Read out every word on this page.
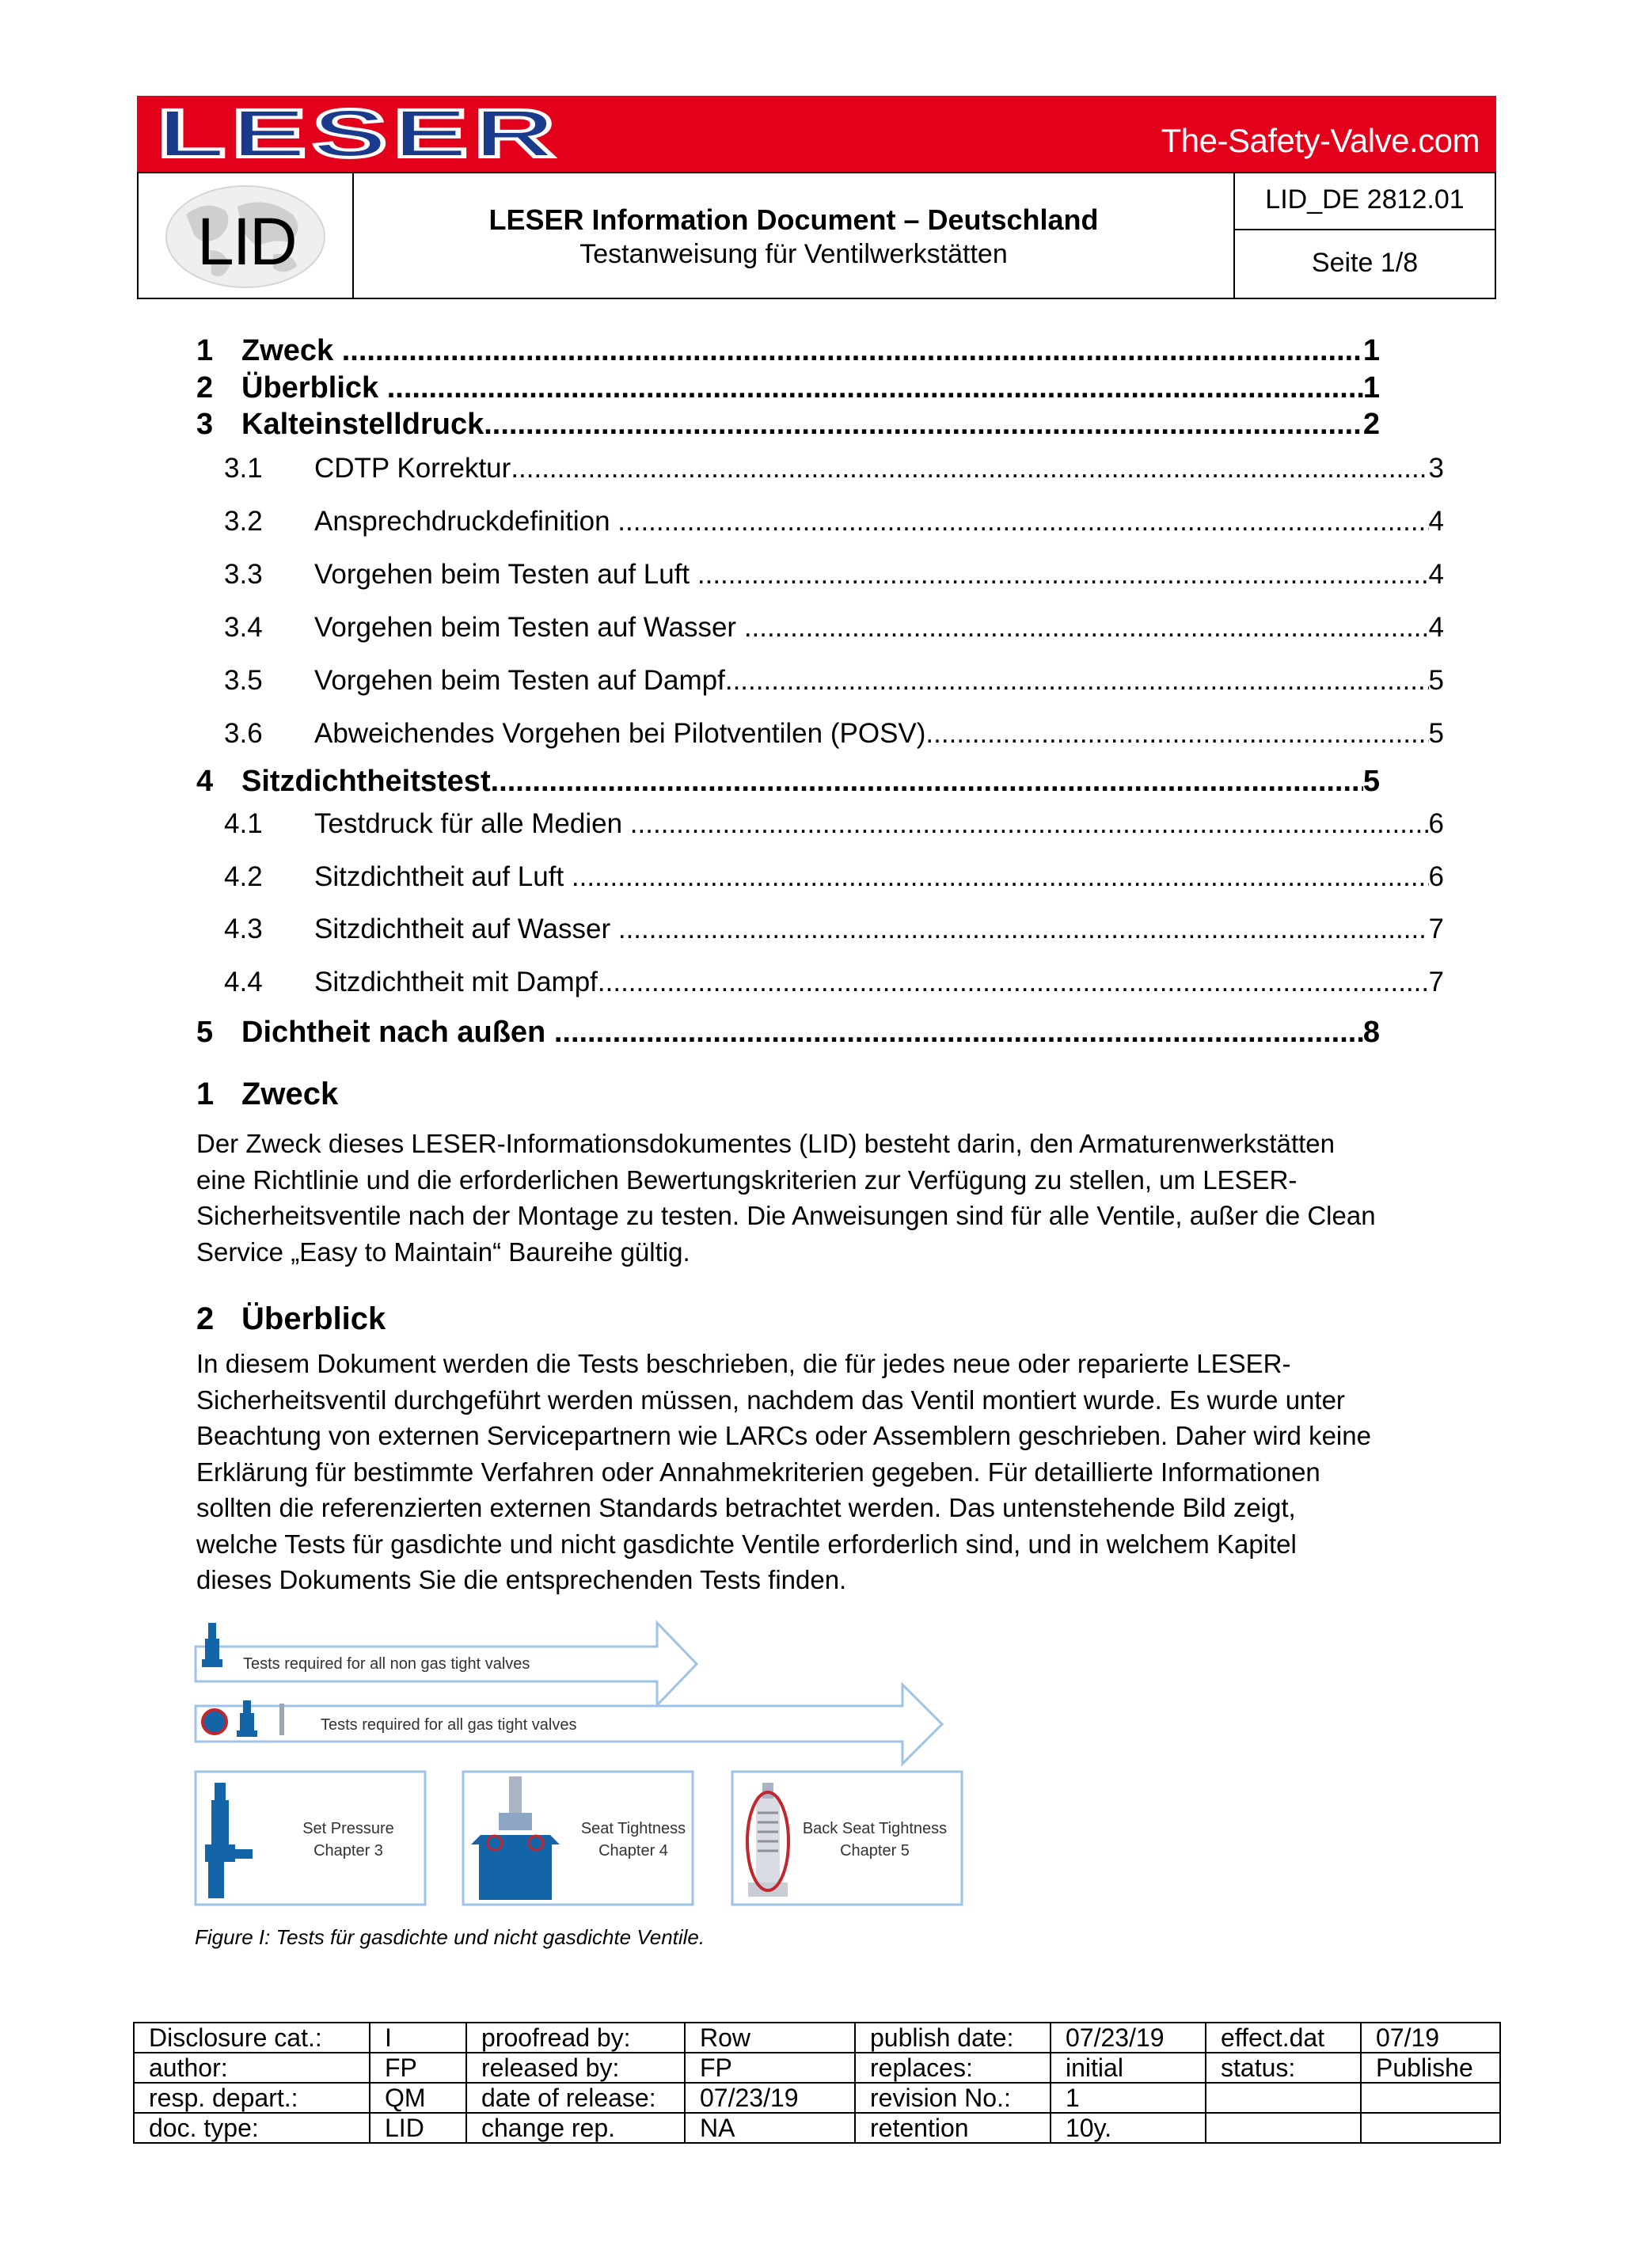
LESER	The-Safety-Valve.com
LID	LESER Information Document – Deutschland
Testanweisung für Ventilwerkstätten
LID_DE 2812.01
Seite 1/8
1 Zweck .....	1
2 Überblick .....	1
3 Kalteinstelldruck .....	2
3.1	CDTP Korrektur .....	3
3.2	Ansprechdruckdefinition .....	4
3.3	Vorgehen beim Testen auf Luft .....	4
3.4	Vorgehen beim Testen auf Wasser .....	4
3.5	Vorgehen beim Testen auf Dampf .....	5
3.6	Abweichendes Vorgehen bei Pilotventilen (POSV) .....	5
4 Sitzdichtheitstest .....	5
4.1	Testdruck für alle Medien .....	6
4.2	Sitzdichtheit auf Luft .....	6
4.3	Sitzdichtheit auf Wasser .....	7
4.4	Sitzdichtheit mit Dampf .....	7
5 Dichtheit nach außen .....	8
1 Zweck
Der Zweck dieses LESER-Informationsdokumentes (LID) besteht darin, den Armaturenwerkstätten
eine Richtlinie und die erforderlichen Bewertungskriterien zur Verfügung zu stellen, um LESER-
Sicherheitsventile nach der Montage zu testen. Die Anweisungen sind für alle Ventile, außer die Clean
Service „Easy to Maintain“ Baureihe gültig.
2 Überblick
In diesem Dokument werden die Tests beschrieben, die für jedes neue oder reparierte LESER-
Sicherheitsventil durchgeführt werden müssen, nachdem das Ventil montiert wurde. Es wurde unter
Beachtung von externen Servicepartnern wie LARCs oder Assemblern geschrieben. Daher wird keine
Erklärung für bestimmte Verfahren oder Annahmekriterien gegeben. Für detaillierte Informationen
sollten die referenzierten externen Standards betrachtet werden. Das untenstehende Bild zeigt,
welche Tests für gasdichte und nicht gasdichte Ventile erforderlich sind, und in welchem Kapitel
dieses Dokuments Sie die entsprechenden Tests finden.
Tests required for all non gas tight valves
Tests required for all gas tight valves
Set Pressure
Chapter 3
Seat Tightness
Chapter 4
Back Seat Tightness
Chapter 5
Figure I: Tests für gasdichte und nicht gasdichte Ventile.
Disclosure cat.:	I	proofread by:	Row	publish date:	07/23/19	effect.dat	07/19
author:	FP	released by:	FP	replaces:	initial	status:	Publishe
resp. depart.:	QM	date of release:	07/23/19	revision No.:	1		
doc. type:	LID	change rep.	NA	retention	10y.		
